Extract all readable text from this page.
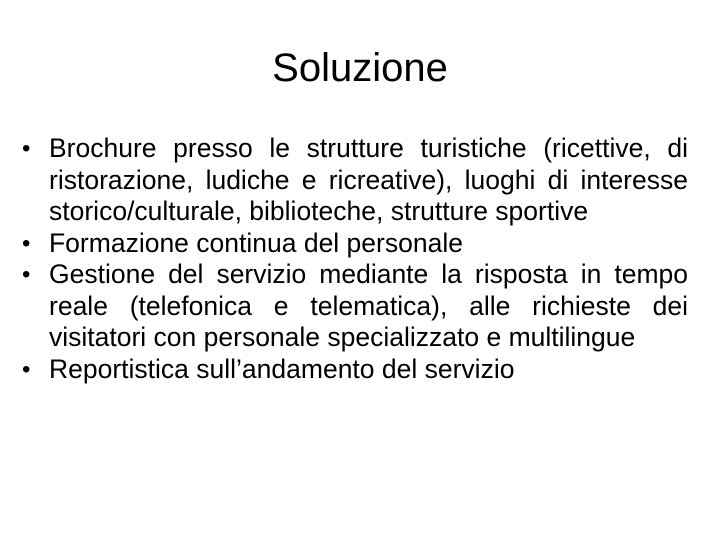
Soluzione
• Brochure presso le strutture turistiche (ricettive, di ristorazione, ludiche e ricreative), luoghi di interesse storico/culturale, biblioteche, strutture sportive
• Formazione continua del personale
• Gestione del servizio mediante la risposta in tempo reale (telefonica e telematica), alle richieste dei visitatori con personale specializzato e multilingue
• Reportistica sull’andamento del servizio
